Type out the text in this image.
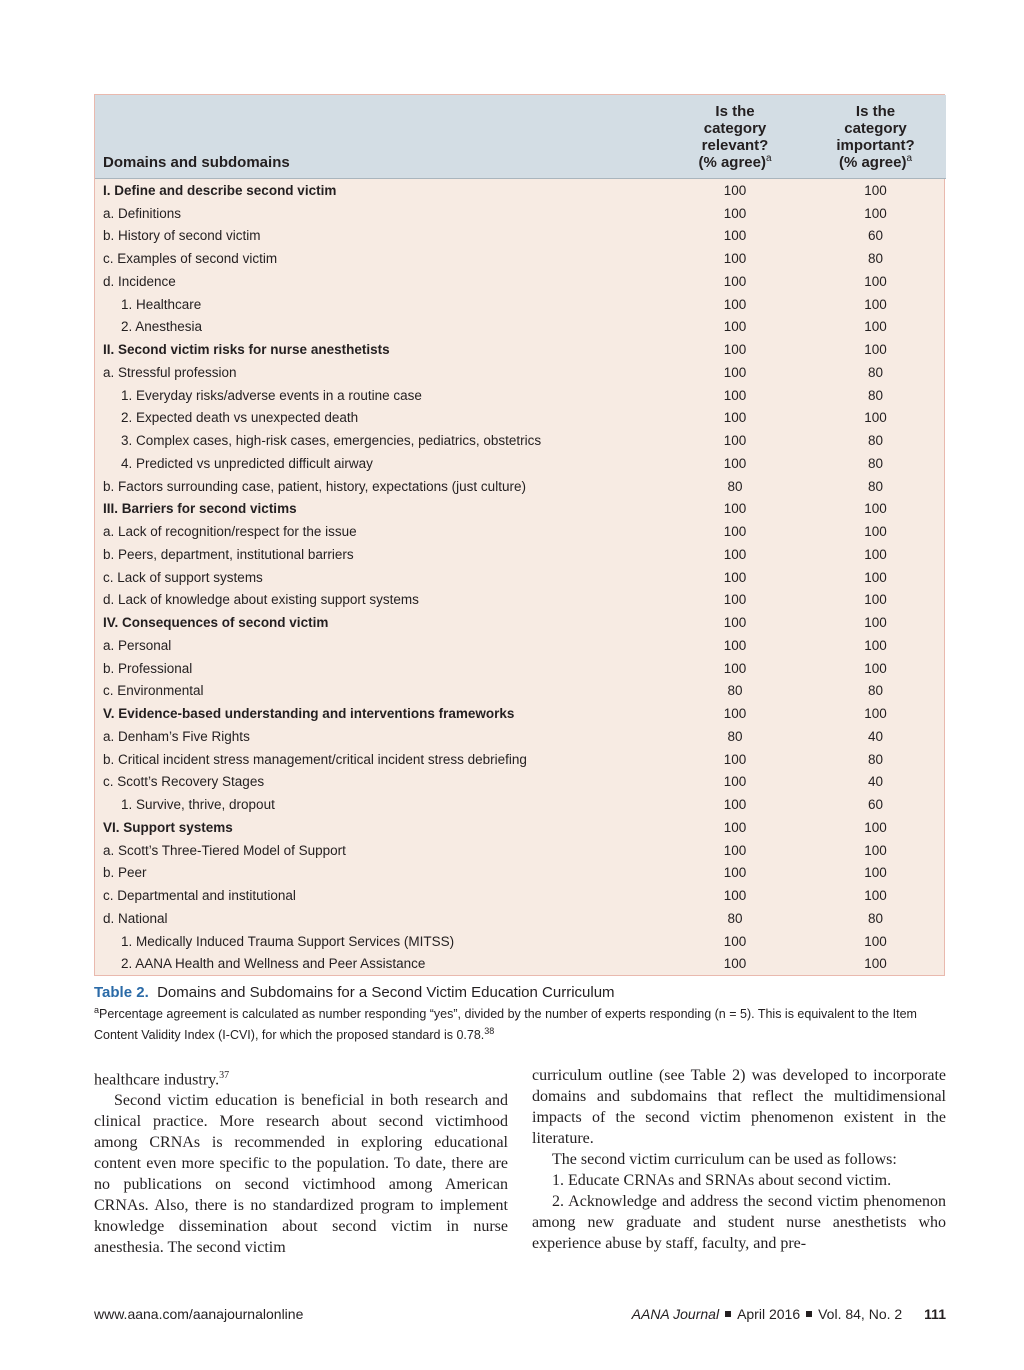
Domains and subdomains	Is the
category
relevant?
(% agree)$^a$	Is the
category
important?
(% agree)$^a$
I. Define and describe second victim	100	100
a. Definitions	100	100
b. History of second victim	100	60
c. Examples of second victim	100	80
d. Incidence	100	100
1. Healthcare	100	100
2. Anesthesia	100	100
II. Second victim risks for nurse anesthetists	100	100
a. Stressful profession	100	80
1. Everyday risks/adverse events in a routine case	100	80
2. Expected death vs unexpected death	100	100
3. Complex cases, high-risk cases, emergencies, pediatrics, obstetrics	100	80
4. Predicted vs unpredicted difficult airway	100	80
b. Factors surrounding case, patient, history, expectations (just culture)	80	80
III. Barriers for second victims	100	100
a. Lack of recognition/respect for the issue	100	100
b. Peers, department, institutional barriers	100	100
c. Lack of support systems	100	100
d. Lack of knowledge about existing support systems	100	100
IV. Consequences of second victim	100	100
a. Personal	100	100
b. Professional	100	100
c. Environmental	80	80
V. Evidence-based understanding and interventions frameworks	100	100
a. Denham’s Five Rights	80	40
b. Critical incident stress management/critical incident stress debriefing	100	80
c. Scott’s Recovery Stages	100	40
1. Survive, thrive, dropout	100	60
VI. Support systems	100	100
a. Scott’s Three-Tiered Model of Support	100	100
b. Peer	100	100
c. Departmental and institutional	100	100
d. National	80	80
1. Medically Induced Trauma Support Services (MITSS)	100	100
2. AANA Health and Wellness and Peer Assistance	100	100
Table 2. Domains and Subdomains for a Second Victim Education Curriculum
$^a$Percentage agreement is calculated as number responding “yes”, divided by the number of experts responding (n = 5). This is equivalent to the Item Content Validity Index (I-CVI), for which the proposed standard is 0.78.38

healthcare industry.$^{37}$

Second victim education is beneficial in both research and clinical practice. More research about second victimhood among CRNAs is recommended in exploring educational content even more specific to the population. To date, there are no publications on second victimhood among American CRNAs. Also, there is no standardized program to implement knowledge dissemination about second victim in nurse anesthesia. The second victim

curriculum outline (see Table 2) was developed to incorporate domains and subdomains that reflect the multidimensional impacts of the second victim phenomenon existent in the literature.

The second victim curriculum can be used as follows:

1. Educate CRNAs and SRNAs about second victim.

2. Acknowledge and address the second victim phenomenon among new graduate and student nurse anesthetists who experience abuse by staff, faculty, and pre-

www.aana.com/aanajournalonline	AANA Journal April 2016 Vol. 84, No. 2 111
